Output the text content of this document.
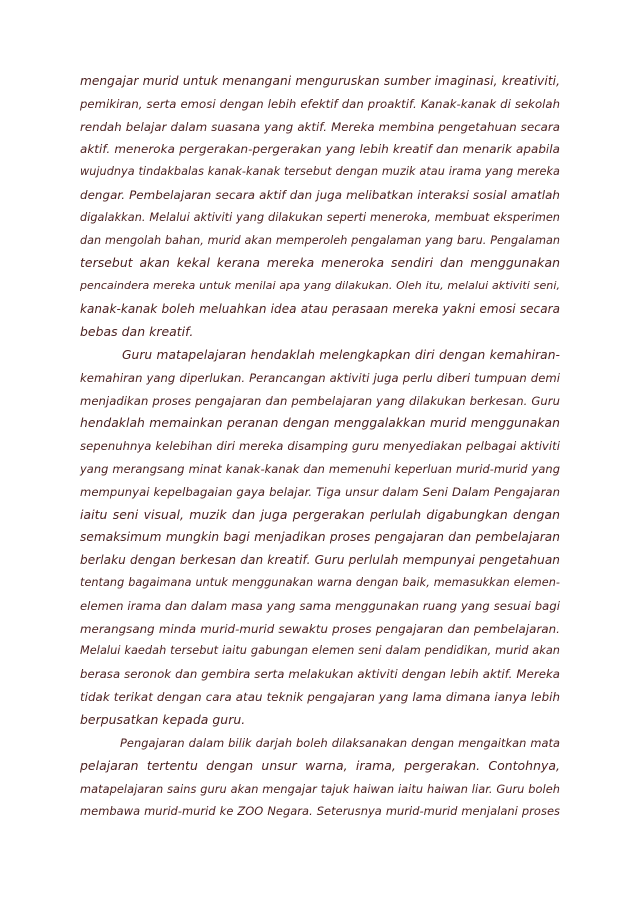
mengajar murid untuk menangani menguruskan sumber imaginasi, kreativiti,
pemikiran, serta emosi dengan lebih efektif dan proaktif. Kanak-kanak di sekolah
rendah belajar dalam suasana yang aktif. Mereka membina pengetahuan secara
aktif. meneroka pergerakan-pergerakan yang lebih kreatif dan menarik apabila
wujudnya tindakbalas kanak-kanak tersebut dengan muzik atau irama yang mereka
dengar. Pembelajaran secara aktif dan juga melibatkan interaksi sosial amatlah
digalakkan. Melalui aktiviti yang dilakukan seperti meneroka, membuat eksperimen
dan mengolah bahan, murid akan memperoleh pengalaman yang baru. Pengalaman
tersebut akan kekal kerana mereka meneroka sendiri dan menggunakan
pencaindera mereka untuk menilai apa yang dilakukan. Oleh itu, melalui aktiviti seni,
kanak-kanak boleh meluahkan idea atau perasaan mereka yakni emosi secara
bebas dan kreatif.
Guru matapelajaran hendaklah melengkapkan diri dengan kemahiran-
kemahiran yang diperlukan. Perancangan aktiviti juga perlu diberi tumpuan demi
menjadikan proses pengajaran dan pembelajaran yang dilakukan berkesan. Guru
hendaklah memainkan peranan dengan menggalakkan murid menggunakan
sepenuhnya kelebihan diri mereka disamping guru menyediakan pelbagai aktiviti
yang merangsang minat kanak-kanak dan memenuhi keperluan murid-murid yang
mempunyai kepelbagaian gaya belajar. Tiga unsur dalam Seni Dalam Pengajaran
iaitu seni visual, muzik dan juga pergerakan perlulah digabungkan dengan
semaksimum mungkin bagi menjadikan proses pengajaran dan pembelajaran
berlaku dengan berkesan dan kreatif. Guru perlulah mempunyai pengetahuan
tentang bagaimana untuk menggunakan warna dengan baik, memasukkan elemen-
elemen irama dan dalam masa yang sama menggunakan ruang yang sesuai bagi
merangsang minda murid-murid sewaktu proses pengajaran dan pembelajaran.
Melalui kaedah tersebut iaitu gabungan elemen seni dalam pendidikan, murid akan
berasa seronok dan gembira serta melakukan aktiviti dengan lebih aktif. Mereka
tidak terikat dengan cara atau teknik pengajaran yang lama dimana ianya lebih
berpusatkan kepada guru.
Pengajaran dalam bilik darjah boleh dilaksanakan dengan mengaitkan mata
pelajaran tertentu dengan unsur warna, irama, pergerakan. Contohnya,
matapelajaran sains guru akan mengajar tajuk haiwan iaitu haiwan liar. Guru boleh
membawa murid-murid ke ZOO Negara. Seterusnya murid-murid menjalani proses
